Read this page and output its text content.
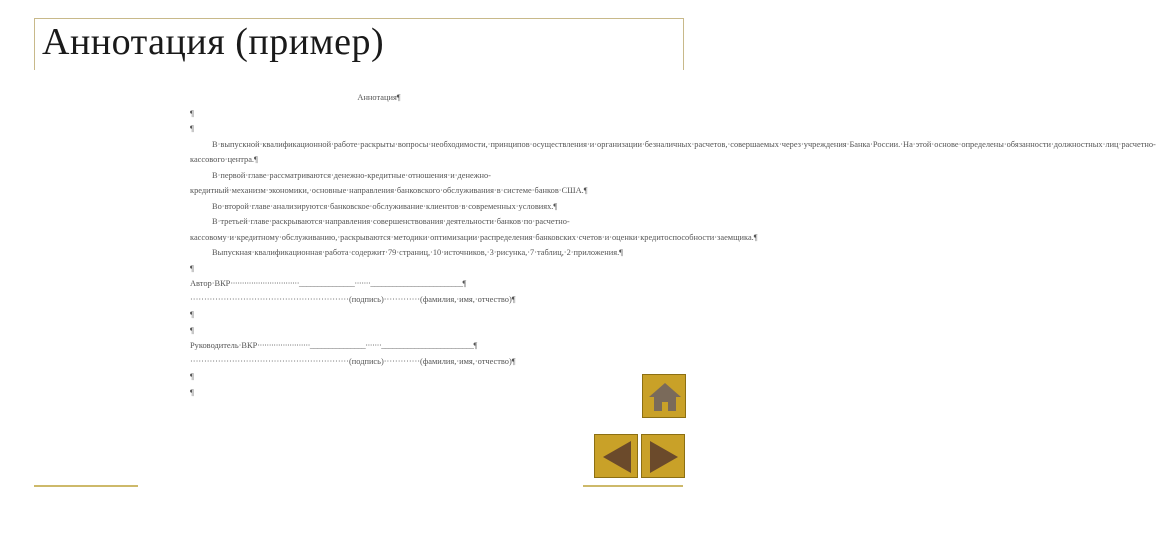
Аннотация (пример)

Аннотация¶

¶

¶

В·выпускной·квалификационной·работе·раскрыты·вопросы·необходимости,·принципов·осуществления·и·организации·безналичных·расчетов,·совершаемых·через·учреждения·Банка·России.·На·этой·основе·определены·обязанности·должностных·лиц·расчетно-кассового·центра.¶

В·первой·главе·рассматриваются·денежно-кредитные·отношения·и·денежно-кредитный·механизм·экономики,·основные·направления·банковского·обслуживания·в·системе·банков·США.¶

Во·второй·главе·анализируются·банковское·обслуживание·клиентов·в·современных·условиях.¶

В·третьей·главе·раскрываются·направления·совершенствования·деятельности·банков·по·расчетно-кассовому·и·кредитному·обслуживанию,·раскрываются·методики·оптимизации·распределения·банковских·счетов·и·оценки·кредитоспособности·заемщика.¶

Выпускная·квалификационная·работа·содержит·79·страниц,·10·источников,·3·рисунка,·7·таблиц,·2·приложения.¶

¶

Автор·ВКР······························_______________·······_________________________¶

·························································(подпись)·············(фамилия,·имя,·отчество)¶

¶

¶

Руководитель·ВКР·······················_______________·······_________________________¶

·························································(подпись)·············(фамилия,·имя,·отчество)¶

¶

¶
